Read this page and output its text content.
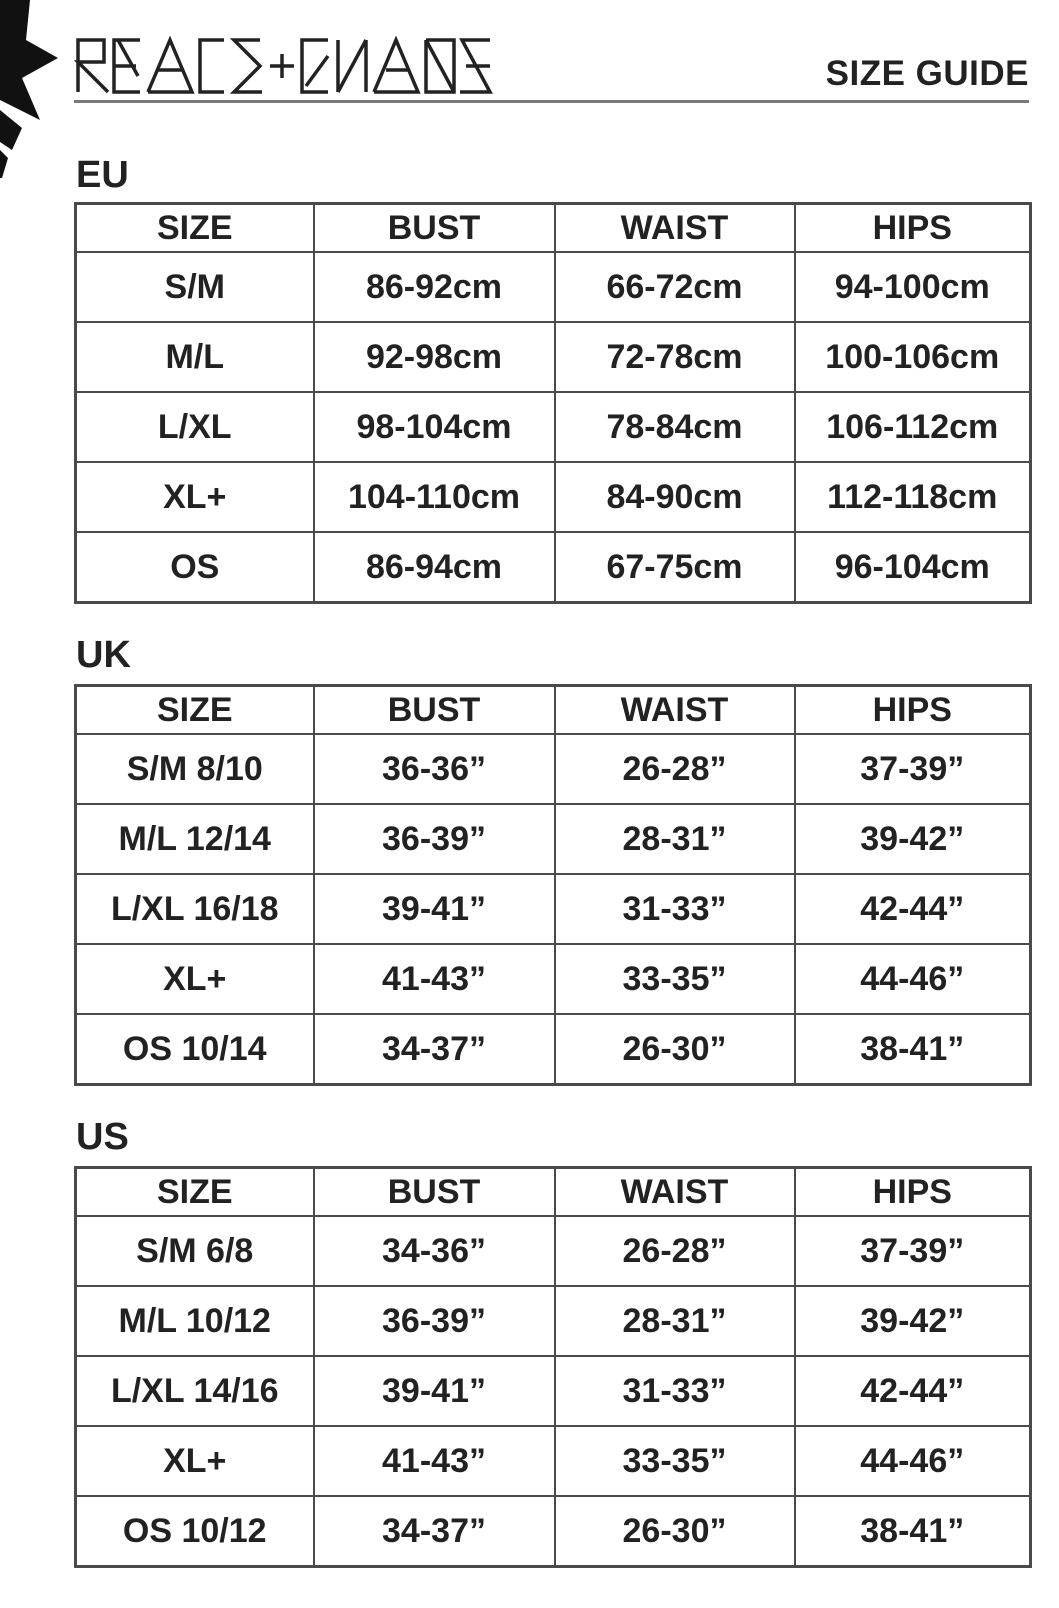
SIZE GUIDE
EU
SIZE	BUST	WAIST	HIPS
S/M	86-92cm	66-72cm	94-100cm
M/L	92-98cm	72-78cm	100-106cm
L/XL	98-104cm	78-84cm	106-112cm
XL+	104-110cm	84-90cm	112-118cm
OS	86-94cm	67-75cm	96-104cm
UK
SIZE	BUST	WAIST	HIPS
S/M 8/10	36-36”	26-28”	37-39”
M/L 12/14	36-39”	28-31”	39-42”
L/XL 16/18	39-41”	31-33”	42-44”
XL+	41-43”	33-35”	44-46”
OS 10/14	34-37”	26-30”	38-41”
US
SIZE	BUST	WAIST	HIPS
S/M 6/8	34-36”	26-28”	37-39”
M/L 10/12	36-39”	28-31”	39-42”
L/XL 14/16	39-41”	31-33”	42-44”
XL+	41-43”	33-35”	44-46”
OS 10/12	34-37”	26-30”	38-41”
